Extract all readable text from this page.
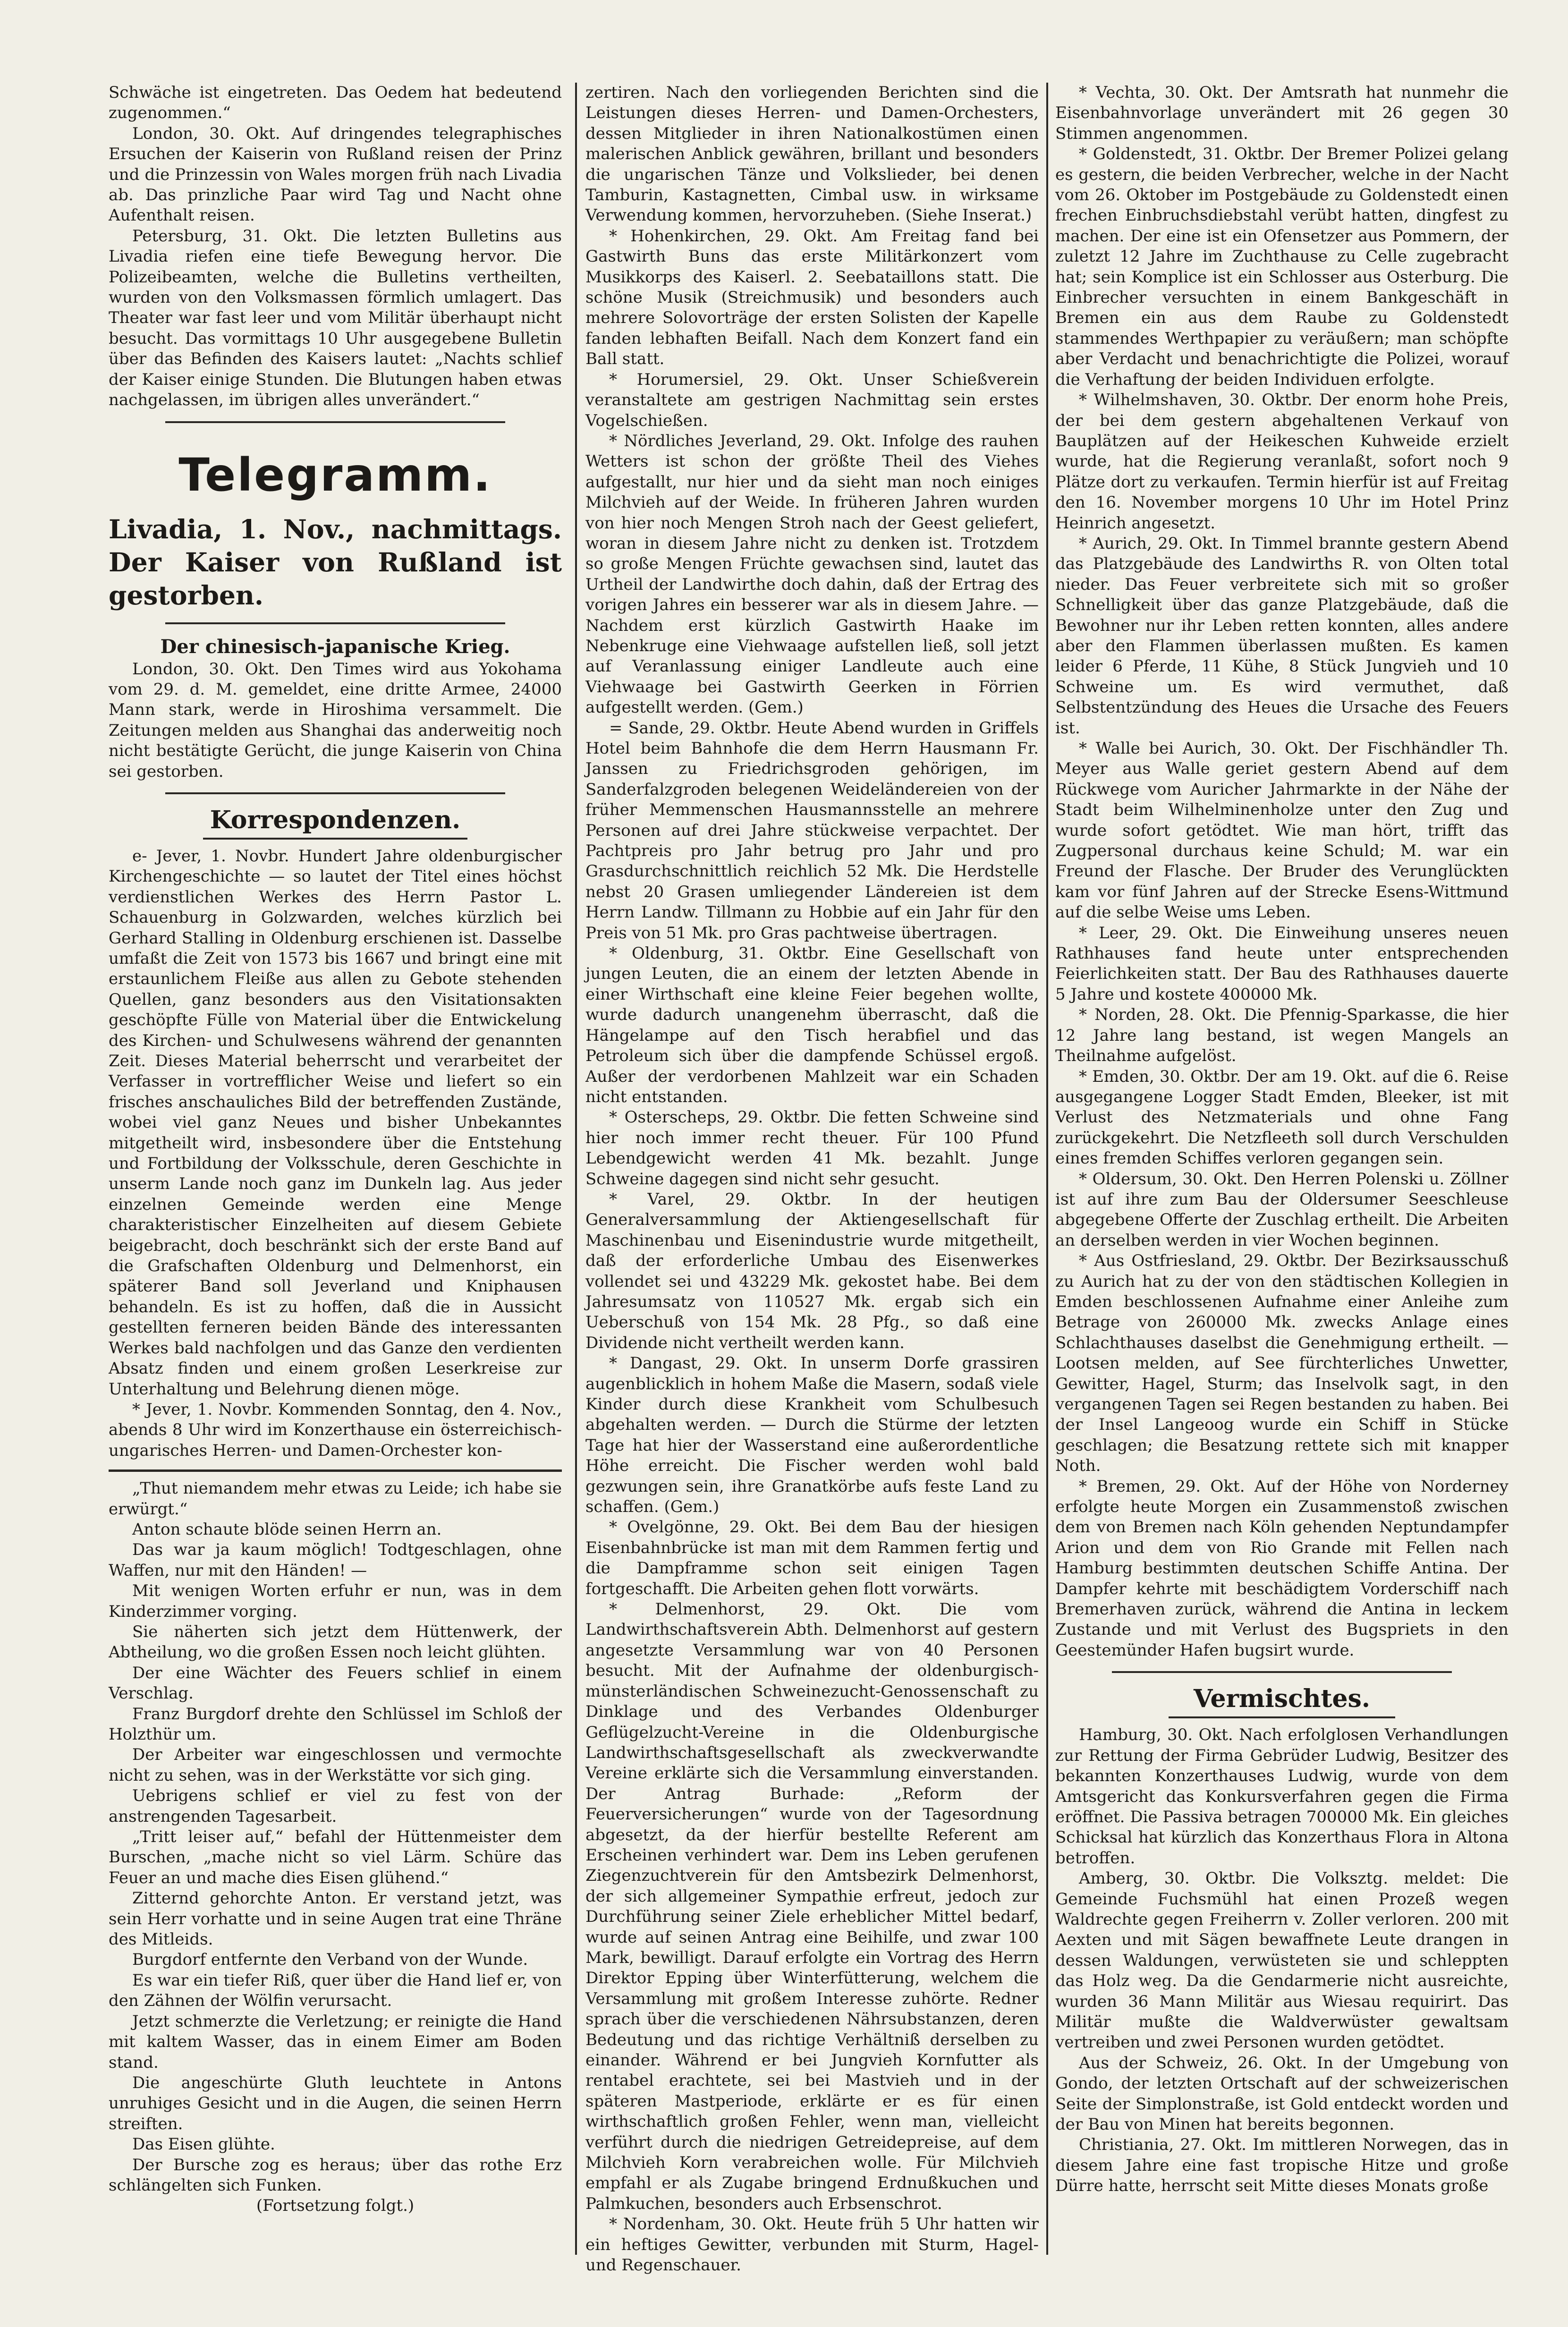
Schwäche ist eingetreten. Das Oedem hat bedeutend zugenommen.“

London, 30. Okt. Auf dringendes telegraphisches Ersuchen der Kaiserin von Rußland reisen der Prinz und die Prinzessin von Wales morgen früh nach Livadia ab. Das prinzliche Paar wird Tag und Nacht ohne Aufenthalt reisen.

Petersburg, 31. Okt. Die letzten Bulletins aus Livadia riefen eine tiefe Bewegung hervor. Die Polizeibeamten, welche die Bulletins vertheilten, wurden von den Volksmassen förmlich umlagert. Das Theater war fast leer und vom Militär überhaupt nicht besucht. Das vormittags 10 Uhr ausgegebene Bulletin über das Befinden des Kaisers lautet: „Nachts schlief der Kaiser einige Stunden. Die Blutungen haben etwas nachgelassen, im übrigen alles unverändert.“

Telegramm.

Livadia, 1. Nov., nachmittags. Der Kaiser von Rußland ist gestorben.

Der chinesisch-japanische Krieg.

London, 30. Okt. Den Times wird aus Yokohama vom 29. d. M. gemeldet, eine dritte Armee, 24000 Mann stark, werde in Hiroshima versammelt. Die Zeitungen melden aus Shanghai das anderweitig noch nicht bestätigte Gerücht, die junge Kaiserin von China sei gestorben.

Korrespondenzen.

e- Jever, 1. Novbr. Hundert Jahre oldenburgischer Kirchengeschichte — so lautet der Titel eines höchst verdienstlichen Werkes des Herrn Pastor L. Schauenburg in Golzwarden, welches kürzlich bei Gerhard Stalling in Oldenburg erschienen ist. Dasselbe umfaßt die Zeit von 1573 bis 1667 und bringt eine mit erstaunlichem Fleiße aus allen zu Gebote stehenden Quellen, ganz besonders aus den Visitationsakten geschöpfte Fülle von Material über die Entwickelung des Kirchen- und Schulwesens während der genannten Zeit. Dieses Material beherrscht und verarbeitet der Verfasser in vortrefflicher Weise und liefert so ein frisches anschauliches Bild der betreffenden Zustände, wobei viel ganz Neues und bisher Unbekanntes mitgetheilt wird, insbesondere über die Entstehung und Fortbildung der Volksschule, deren Geschichte in unserm Lande noch ganz im Dunkeln lag. Aus jeder einzelnen Gemeinde werden eine Menge charakteristischer Einzelheiten auf diesem Gebiete beigebracht, doch beschränkt sich der erste Band auf die Grafschaften Oldenburg und Delmenhorst, ein späterer Band soll Jeverland und Kniphausen behandeln. Es ist zu hoffen, daß die in Aussicht gestellten ferneren beiden Bände des interessanten Werkes bald nachfolgen und das Ganze den verdienten Absatz finden und einem großen Leserkreise zur Unterhaltung und Belehrung dienen möge.

* Jever, 1. Novbr. Kommenden Sonntag, den 4. Nov., abends 8 Uhr wird im Konzerthause ein österreichisch-ungarisches Herren- und Damen-Orchester kon-

„Thut niemandem mehr etwas zu Leide; ich habe sie erwürgt.“

Anton schaute blöde seinen Herrn an.

Das war ja kaum möglich! Todtgeschlagen, ohne Waffen, nur mit den Händen! —

Mit wenigen Worten erfuhr er nun, was in dem Kinderzimmer vorging.

Sie näherten sich jetzt dem Hüttenwerk, der Abtheilung, wo die großen Essen noch leicht glühten.

Der eine Wächter des Feuers schlief in einem Verschlag.

Franz Burgdorf drehte den Schlüssel im Schloß der Holzthür um.

Der Arbeiter war eingeschlossen und vermochte nicht zu sehen, was in der Werkstätte vor sich ging.

Uebrigens schlief er viel zu fest von der anstrengenden Tagesarbeit.

„Tritt leiser auf,“ befahl der Hüttenmeister dem Burschen, „mache nicht so viel Lärm. Schüre das Feuer an und mache dies Eisen glühend.“

Zitternd gehorchte Anton. Er verstand jetzt, was sein Herr vorhatte und in seine Augen trat eine Thräne des Mitleids.

Burgdorf entfernte den Verband von der Wunde.

Es war ein tiefer Riß, quer über die Hand lief er, von den Zähnen der Wölfin verursacht.

Jetzt schmerzte die Verletzung; er reinigte die Hand mit kaltem Wasser, das in einem Eimer am Boden stand.

Die angeschürte Gluth leuchtete in Antons unruhiges Gesicht und in die Augen, die seinen Herrn streiften.

Das Eisen glühte.

Der Bursche zog es heraus; über das rothe Erz schlängelten sich Funken.

(Fortsetzung folgt.)

zertiren. Nach den vorliegenden Berichten sind die Leistungen dieses Herren- und Damen-Orchesters, dessen Mitglieder in ihren Nationalkostümen einen malerischen Anblick gewähren, brillant und besonders die ungarischen Tänze und Volkslieder, bei denen Tamburin, Kastagnetten, Cimbal usw. in wirksame Verwendung kommen, hervorzuheben. (Siehe Inserat.)

* Hohenkirchen, 29. Okt. Am Freitag fand bei Gastwirth Buns das erste Militärkonzert vom Musikkorps des Kaiserl. 2. Seebataillons statt. Die schöne Musik (Streichmusik) und besonders auch mehrere Solovorträge der ersten Solisten der Kapelle fanden lebhaften Beifall. Nach dem Konzert fand ein Ball statt.

* Horumersiel, 29. Okt. Unser Schießverein veranstaltete am gestrigen Nachmittag sein erstes Vogelschießen.

* Nördliches Jeverland, 29. Okt. Infolge des rauhen Wetters ist schon der größte Theil des Viehes aufgestallt, nur hier und da sieht man noch einiges Milchvieh auf der Weide. In früheren Jahren wurden von hier noch Mengen Stroh nach der Geest geliefert, woran in diesem Jahre nicht zu denken ist. Trotzdem so große Mengen Früchte gewachsen sind, lautet das Urtheil der Landwirthe doch dahin, daß der Ertrag des vorigen Jahres ein besserer war als in diesem Jahre. — Nachdem erst kürzlich Gastwirth Haake im Nebenkruge eine Viehwaage aufstellen ließ, soll jetzt auf Veranlassung einiger Landleute auch eine Viehwaage bei Gastwirth Geerken in Förrien aufgestellt werden. (Gem.)

= Sande, 29. Oktbr. Heute Abend wurden in Griffels Hotel beim Bahnhofe die dem Herrn Hausmann Fr. Janssen zu Friedrichsgroden gehörigen, im Sanderfalzgroden belegenen Weideländereien von der früher Memmenschen Hausmannsstelle an mehrere Personen auf drei Jahre stückweise verpachtet. Der Pachtpreis pro Jahr betrug pro Jahr und pro Grasdurchschnittlich reichlich 52 Mk. Die Herdstelle nebst 20 Grasen umliegender Ländereien ist dem Herrn Landw. Tillmann zu Hobbie auf ein Jahr für den Preis von 51 Mk. pro Gras pachtweise übertragen.

* Oldenburg, 31. Oktbr. Eine Gesellschaft von jungen Leuten, die an einem der letzten Abende in einer Wirthschaft eine kleine Feier begehen wollte, wurde dadurch unangenehm überrascht, daß die Hängelampe auf den Tisch herabfiel und das Petroleum sich über die dampfende Schüssel ergoß. Außer der verdorbenen Mahlzeit war ein Schaden nicht entstanden.

* Osterscheps, 29. Oktbr. Die fetten Schweine sind hier noch immer recht theuer. Für 100 Pfund Lebendgewicht werden 41 Mk. bezahlt. Junge Schweine dagegen sind nicht sehr gesucht.

* Varel, 29. Oktbr. In der heutigen Generalversammlung der Aktiengesellschaft für Maschinenbau und Eisenindustrie wurde mitgetheilt, daß der erforderliche Umbau des Eisenwerkes vollendet sei und 43229 Mk. gekostet habe. Bei dem Jahresumsatz von 110527 Mk. ergab sich ein Ueberschuß von 154 Mk. 28 Pfg., so daß eine Dividende nicht vertheilt werden kann.

* Dangast, 29. Okt. In unserm Dorfe grassiren augenblicklich in hohem Maße die Masern, sodaß viele Kinder durch diese Krankheit vom Schulbesuch abgehalten werden. — Durch die Stürme der letzten Tage hat hier der Wasserstand eine außerordentliche Höhe erreicht. Die Fischer werden wohl bald gezwungen sein, ihre Granatkörbe aufs feste Land zu schaffen. (Gem.)

* Ovelgönne, 29. Okt. Bei dem Bau der hiesigen Eisenbahnbrücke ist man mit dem Rammen fertig und die Dampframme schon seit einigen Tagen fortgeschafft. Die Arbeiten gehen flott vorwärts.

* Delmenhorst, 29. Okt. Die vom Landwirthschaftsverein Abth. Delmenhorst auf gestern angesetzte Versammlung war von 40 Personen besucht. Mit der Aufnahme der oldenburgisch-münsterländischen Schweinezucht-Genossenschaft zu Dinklage und des Verbandes Oldenburger Geflügelzucht-Vereine in die Oldenburgische Landwirthschaftsgesellschaft als zweckverwandte Vereine erklärte sich die Versammlung einverstanden. Der Antrag Burhade: „Reform der Feuerversicherungen“ wurde von der Tagesordnung abgesetzt, da der hierfür bestellte Referent am Erscheinen verhindert war. Dem ins Leben gerufenen Ziegenzuchtverein für den Amtsbezirk Delmenhorst, der sich allgemeiner Sympathie erfreut, jedoch zur Durchführung seiner Ziele erheblicher Mittel bedarf, wurde auf seinen Antrag eine Beihilfe, und zwar 100 Mark, bewilligt. Darauf erfolgte ein Vortrag des Herrn Direktor Epping über Winterfütterung, welchem die Versammlung mit großem Interesse zuhörte. Redner sprach über die verschiedenen Nährsubstanzen, deren Bedeutung und das richtige Verhältniß derselben zu einander. Während er bei Jungvieh Kornfutter als rentabel erachtete, sei bei Mastvieh und in der späteren Mastperiode, erklärte er es für einen wirthschaftlich großen Fehler, wenn man, vielleicht verführt durch die niedrigen Getreidepreise, auf dem Milchvieh Korn verabreichen wolle. Für Milchvieh empfahl er als Zugabe bringend Erdnußkuchen und Palmkuchen, besonders auch Erbsenschrot.

* Nordenham, 30. Okt. Heute früh 5 Uhr hatten wir ein heftiges Gewitter, verbunden mit Sturm, Hagel- und Regenschauer.

* Vechta, 30. Okt. Der Amtsrath hat nunmehr die Eisenbahnvorlage unverändert mit 26 gegen 30 Stimmen angenommen.

* Goldenstedt, 31. Oktbr. Der Bremer Polizei gelang es gestern, die beiden Verbrecher, welche in der Nacht vom 26. Oktober im Postgebäude zu Goldenstedt einen frechen Einbruchsdiebstahl verübt hatten, dingfest zu machen. Der eine ist ein Ofensetzer aus Pommern, der zuletzt 12 Jahre im Zuchthause zu Celle zugebracht hat; sein Komplice ist ein Schlosser aus Osterburg. Die Einbrecher versuchten in einem Bankgeschäft in Bremen ein aus dem Raube zu Goldenstedt stammendes Werthpapier zu veräußern; man schöpfte aber Verdacht und benachrichtigte die Polizei, worauf die Verhaftung der beiden Individuen erfolgte.

* Wilhelmshaven, 30. Oktbr. Der enorm hohe Preis, der bei dem gestern abgehaltenen Verkauf von Bauplätzen auf der Heikeschen Kuhweide erzielt wurde, hat die Regierung veranlaßt, sofort noch 9 Plätze dort zu verkaufen. Termin hierfür ist auf Freitag den 16. November morgens 10 Uhr im Hotel Prinz Heinrich angesetzt.

* Aurich, 29. Okt. In Timmel brannte gestern Abend das Platzgebäude des Landwirths R. von Olten total nieder. Das Feuer verbreitete sich mit so großer Schnelligkeit über das ganze Platzgebäude, daß die Bewohner nur ihr Leben retten konnten, alles andere aber den Flammen überlassen mußten. Es kamen leider 6 Pferde, 11 Kühe, 8 Stück Jungvieh und 10 Schweine um. Es wird vermuthet, daß Selbstentzündung des Heues die Ursache des Feuers ist.

* Walle bei Aurich, 30. Okt. Der Fischhändler Th. Meyer aus Walle geriet gestern Abend auf dem Rückwege vom Auricher Jahrmarkte in der Nähe der Stadt beim Wilhelminenholze unter den Zug und wurde sofort getödtet. Wie man hört, trifft das Zugpersonal durchaus keine Schuld; M. war ein Freund der Flasche. Der Bruder des Verunglückten kam vor fünf Jahren auf der Strecke Esens-Wittmund auf die selbe Weise ums Leben.

* Leer, 29. Okt. Die Einweihung unseres neuen Rathhauses fand heute unter entsprechenden Feierlichkeiten statt. Der Bau des Rathhauses dauerte 5 Jahre und kostete 400000 Mk.

* Norden, 28. Okt. Die Pfennig-Sparkasse, die hier 12 Jahre lang bestand, ist wegen Mangels an Theilnahme aufgelöst.

* Emden, 30. Oktbr. Der am 19. Okt. auf die 6. Reise ausgegangene Logger Stadt Emden, Bleeker, ist mit Verlust des Netzmaterials und ohne Fang zurückgekehrt. Die Netzfleeth soll durch Verschulden eines fremden Schiffes verloren gegangen sein.

* Oldersum, 30. Okt. Den Herren Polenski u. Zöllner ist auf ihre zum Bau der Oldersumer Seeschleuse abgegebene Offerte der Zuschlag ertheilt. Die Arbeiten an derselben werden in vier Wochen beginnen.

* Aus Ostfriesland, 29. Oktbr. Der Bezirksausschuß zu Aurich hat zu der von den städtischen Kollegien in Emden beschlossenen Aufnahme einer Anleihe zum Betrage von 260000 Mk. zwecks Anlage eines Schlachthauses daselbst die Genehmigung ertheilt. — Lootsen melden, auf See fürchterliches Unwetter, Gewitter, Hagel, Sturm; das Inselvolk sagt, in den vergangenen Tagen sei Regen bestanden zu haben. Bei der Insel Langeoog wurde ein Schiff in Stücke geschlagen; die Besatzung rettete sich mit knapper Noth.

* Bremen, 29. Okt. Auf der Höhe von Norderney erfolgte heute Morgen ein Zusammenstoß zwischen dem von Bremen nach Köln gehenden Neptundampfer Arion und dem von Rio Grande mit Fellen nach Hamburg bestimmten deutschen Schiffe Antina. Der Dampfer kehrte mit beschädigtem Vorderschiff nach Bremerhaven zurück, während die Antina in leckem Zustande und mit Verlust des Bugspriets in den Geestemünder Hafen bugsirt wurde.

Vermischtes.

Hamburg, 30. Okt. Nach erfolglosen Verhandlungen zur Rettung der Firma Gebrüder Ludwig, Besitzer des bekannten Konzerthauses Ludwig, wurde von dem Amtsgericht das Konkursverfahren gegen die Firma eröffnet. Die Passiva betragen 700000 Mk. Ein gleiches Schicksal hat kürzlich das Konzerthaus Flora in Altona betroffen.

Amberg, 30. Oktbr. Die Volksztg. meldet: Die Gemeinde Fuchsmühl hat einen Prozeß wegen Waldrechte gegen Freiherrn v. Zoller verloren. 200 mit Aexten und mit Sägen bewaffnete Leute drangen in dessen Waldungen, verwüsteten sie und schleppten das Holz weg. Da die Gendarmerie nicht ausreichte, wurden 36 Mann Militär aus Wiesau requirirt. Das Militär mußte die Waldverwüster gewaltsam vertreiben und zwei Personen wurden getödtet.

Aus der Schweiz, 26. Okt. In der Umgebung von Gondo, der letzten Ortschaft auf der schweizerischen Seite der Simplonstraße, ist Gold entdeckt worden und der Bau von Minen hat bereits begonnen.

Christiania, 27. Okt. Im mittleren Norwegen, das in diesem Jahre eine fast tropische Hitze und große Dürre hatte, herrscht seit Mitte dieses Monats große
